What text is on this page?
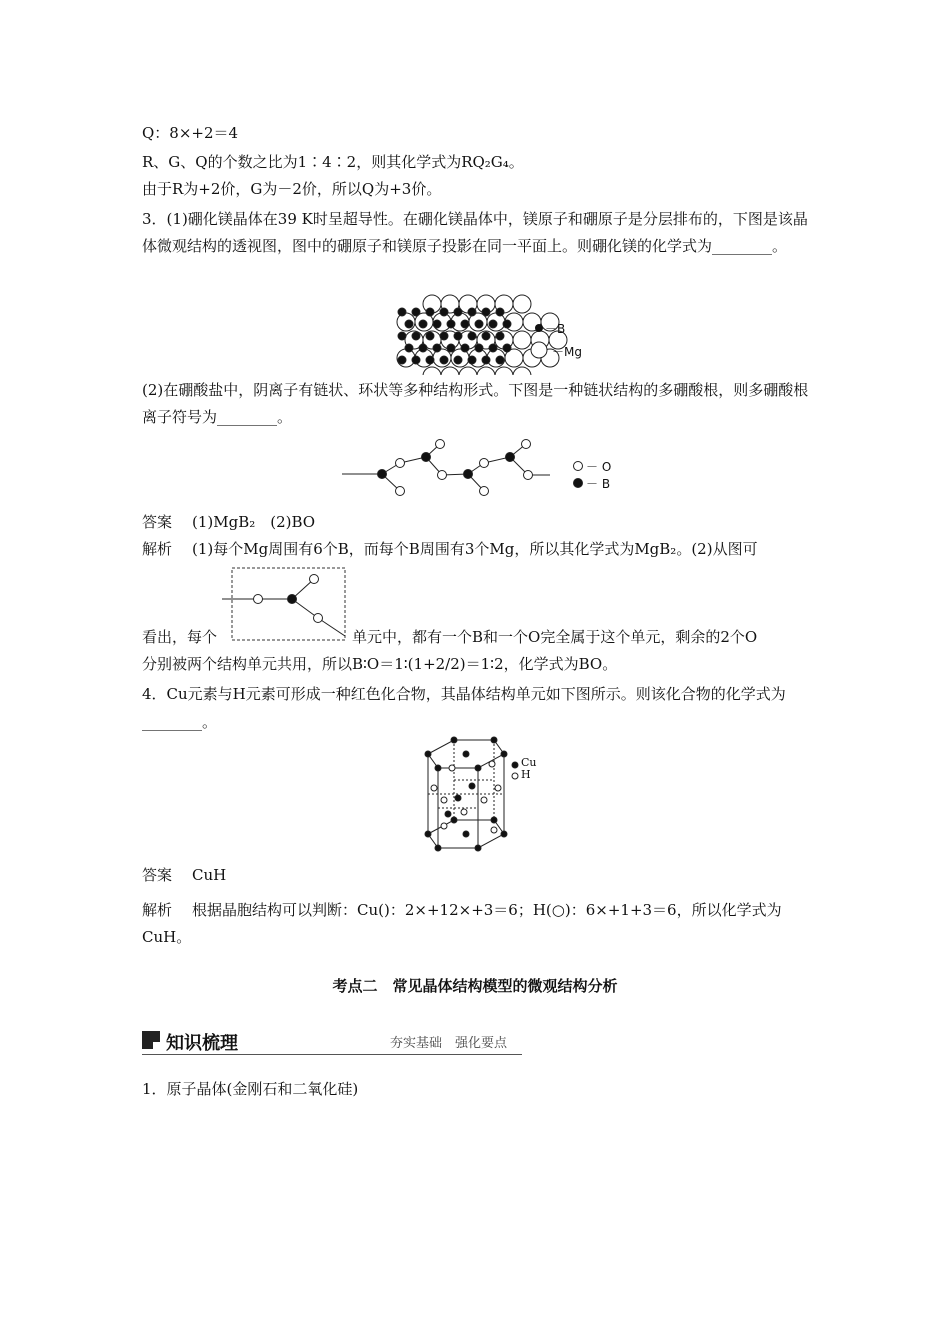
Q：8×+2＝4
R、G、Q的个数之比为1∶4∶2，则其化学式为RQ₂G₄。
由于R为+2价，G为－2价，所以Q为+3价。
3．(1)硼化镁晶体在39 K时呈超导性。在硼化镁晶体中，镁原子和硼原子是分层排布的，下图是该晶体微观结构的透视图，图中的硼原子和镁原子投影在同一平面上。则硼化镁的化学式为________。
－B
－Mg
(2)在硼酸盐中，阴离子有链状、环状等多种结构形式。下图是一种链状结构的多硼酸根，则多硼酸根离子符号为________。
－ O
－ B
答案 (1)MgB₂　(2)BO
解析 (1)每个Mg周围有6个B，而每个B周围有3个Mg，所以其化学式为MgB₂。(2)从图可
看出，每个	单元中，都有一个B和一个O完全属于这个单元，剩余的2个O
分别被两个结构单元共用，所以B∶O＝1∶(1+2/2)＝1∶2，化学式为BO。
4．Cu元素与H元素可形成一种红色化合物，其晶体结构单元如下图所示。则该化合物的化学式为________。
Cu
H
答案 CuH
解析 根据晶胞结构可以判断：Cu()：2×+12×+3＝6；H(○)：6×+1+3＝6，所以化学式为CuH。
考点二　常见晶体结构模型的微观结构分析
知识梳理	夯实基础　强化要点
1．原子晶体(金刚石和二氧化硅)
